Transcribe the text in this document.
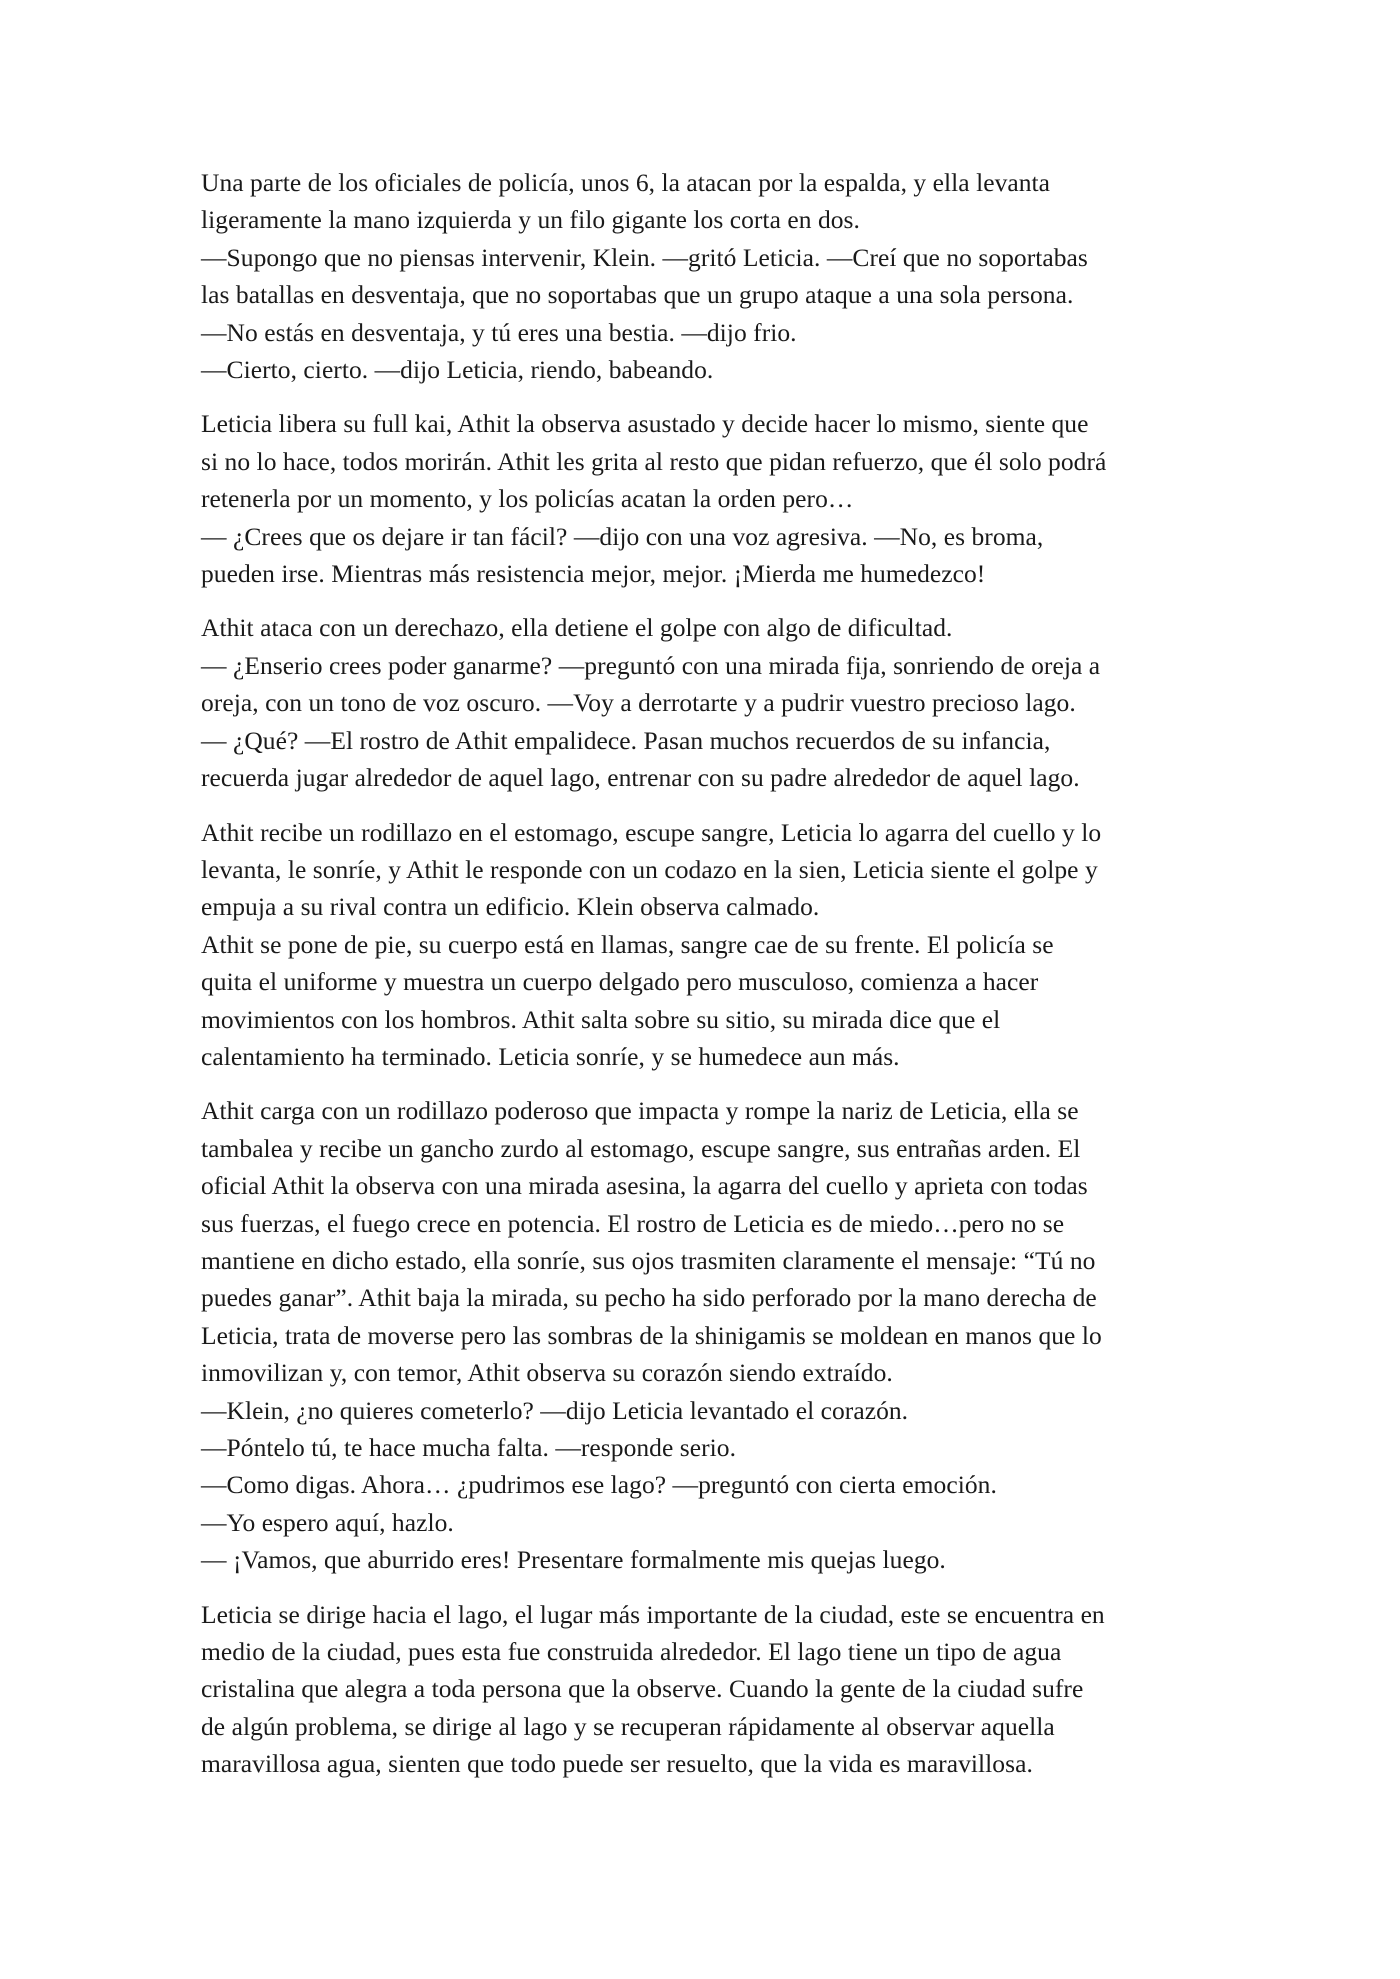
Una parte de los oficiales de policía, unos 6, la atacan por la espalda, y ella levanta
ligeramente la mano izquierda y un filo gigante los corta en dos.
—Supongo que no piensas intervenir, Klein. —gritó Leticia. —Creí que no soportabas
las batallas en desventaja, que no soportabas que un grupo ataque a una sola persona.
—No estás en desventaja, y tú eres una bestia. —dijo frio.
—Cierto, cierto. —dijo Leticia, riendo, babeando.
Leticia libera su full kai, Athit la observa asustado y decide hacer lo mismo, siente que
si no lo hace, todos morirán. Athit les grita al resto que pidan refuerzo, que él solo podrá
retenerla por un momento, y los policías acatan la orden pero…
— ¿Crees que os dejare ir tan fácil? —dijo con una voz agresiva. —No, es broma,
pueden irse. Mientras más resistencia mejor, mejor. ¡Mierda me humedezco!
Athit ataca con un derechazo, ella detiene el golpe con algo de dificultad.
— ¿Enserio crees poder ganarme? —preguntó con una mirada fija, sonriendo de oreja a
oreja, con un tono de voz oscuro. —Voy a derrotarte y a pudrir vuestro precioso lago.
— ¿Qué? —El rostro de Athit empalidece. Pasan muchos recuerdos de su infancia,
recuerda jugar alrededor de aquel lago, entrenar con su padre alrededor de aquel lago.
Athit recibe un rodillazo en el estomago, escupe sangre, Leticia lo agarra del cuello y lo
levanta, le sonríe, y Athit le responde con un codazo en la sien, Leticia siente el golpe y
empuja a su rival contra un edificio. Klein observa calmado.
Athit se pone de pie, su cuerpo está en llamas, sangre cae de su frente. El policía se
quita el uniforme y muestra un cuerpo delgado pero musculoso, comienza a hacer
movimientos con los hombros. Athit salta sobre su sitio, su mirada dice que el
calentamiento ha terminado. Leticia sonríe, y se humedece aun más.
Athit carga con un rodillazo poderoso que impacta y rompe la nariz de Leticia, ella se
tambalea y recibe un gancho zurdo al estomago, escupe sangre, sus entrañas arden. El
oficial Athit la observa con una mirada asesina, la agarra del cuello y aprieta con todas
sus fuerzas, el fuego crece en potencia. El rostro de Leticia es de miedo…pero no se
mantiene en dicho estado, ella sonríe, sus ojos trasmiten claramente el mensaje: “Tú no
puedes ganar”. Athit baja la mirada, su pecho ha sido perforado por la mano derecha de
Leticia, trata de moverse pero las sombras de la shinigamis se moldean en manos que lo
inmovilizan y, con temor, Athit observa su corazón siendo extraído.
—Klein, ¿no quieres cometerlo? —dijo Leticia levantado el corazón.
—Póntelo tú, te hace mucha falta. —responde serio.
—Como digas. Ahora… ¿pudrimos ese lago? —preguntó con cierta emoción.
—Yo espero aquí, hazlo.
— ¡Vamos, que aburrido eres! Presentare formalmente mis quejas luego.
Leticia se dirige hacia el lago, el lugar más importante de la ciudad, este se encuentra en
medio de la ciudad, pues esta fue construida alrededor. El lago tiene un tipo de agua
cristalina que alegra a toda persona que la observe. Cuando la gente de la ciudad sufre
de algún problema, se dirige al lago y se recuperan rápidamente al observar aquella
maravillosa agua, sienten que todo puede ser resuelto, que la vida es maravillosa.
